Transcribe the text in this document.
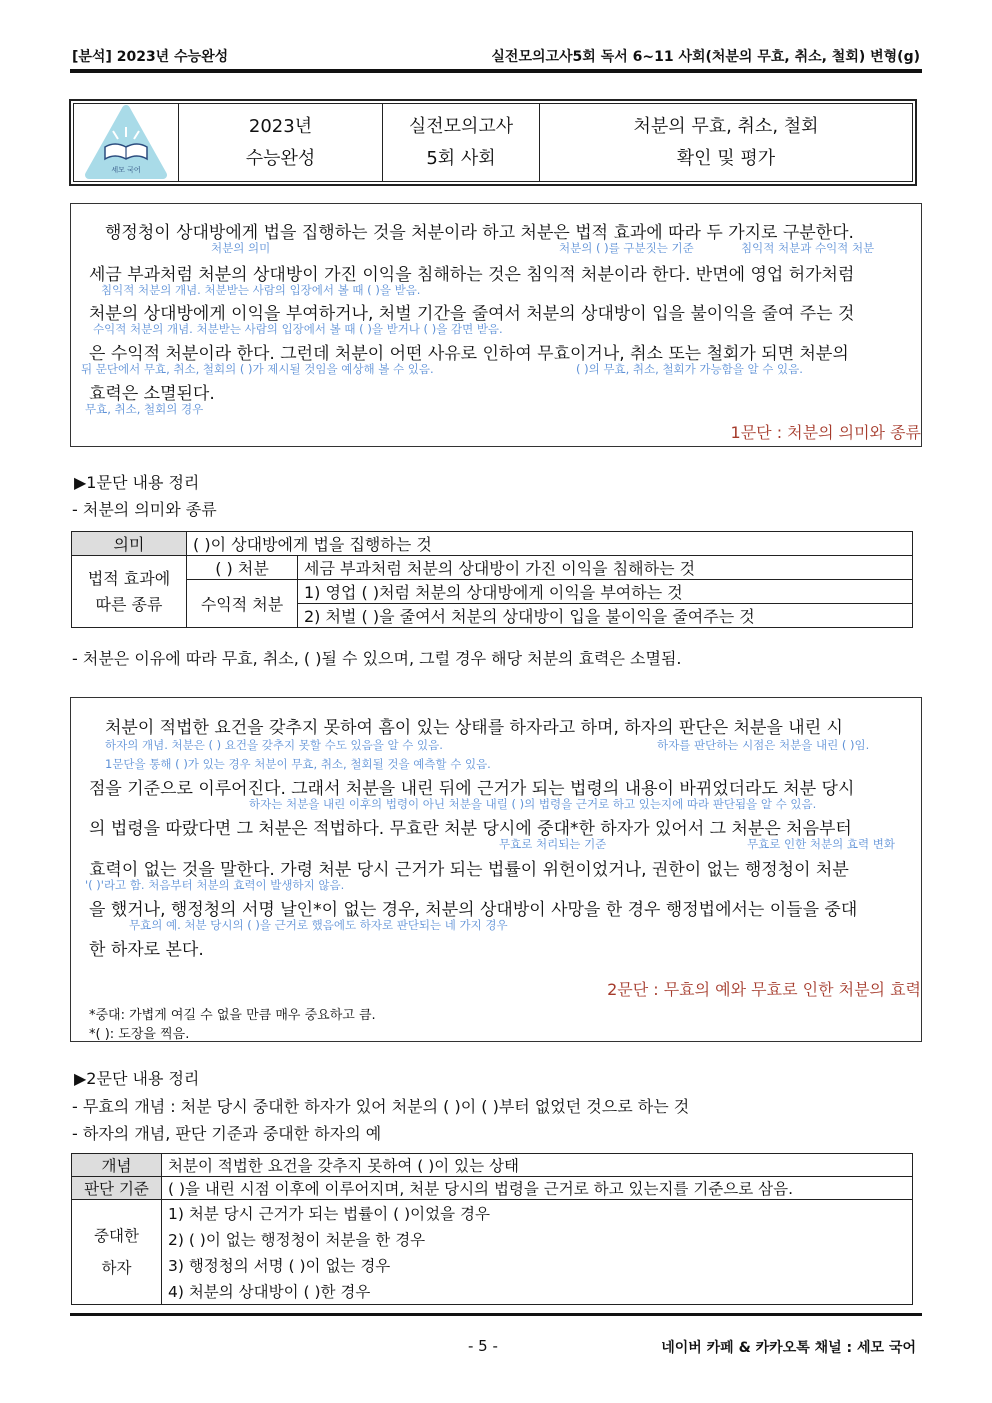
[분석] 2023년 수능완성	실전모의고사5회 독서 6~11 사회(처분의 무효, 취소, 철회) 변형(g)
세모 국어
2023년
수능완성
실전모의고사
5회 사회
처분의 무효, 취소, 철회
확인 및 평가
행정청이 상대방에게 법을 집행하는 것을 처분이라 하고 처분은 법적 효과에 따라 두 가지로 구분한다.
처분의 의미	처분의 ( )를 구분짓는 기준	침익적 처분과 수익적 처분
세금 부과처럼 처분의 상대방이 가진 이익을 침해하는 것은 침익적 처분이라 한다. 반면에 영업 허가처럼
침익적 처분의 개념. 처분받는 사람의 입장에서 볼 때 ( )을 받음.
처분의 상대방에게 이익을 부여하거나, 처벌 기간을 줄여서 처분의 상대방이 입을 불이익을 줄여 주는 것
수익적 처분의 개념. 처분받는 사람의 입장에서 볼 때 ( )을 받거나 ( )을 감면 받음.
은 수익적 처분이라 한다. 그런데 처분이 어떤 사유로 인하여 무효이거나, 취소 또는 철회가 되면 처분의
뒤 문단에서 무효, 취소, 철회의 ( )가 제시될 것임을 예상해 볼 수 있음.	( )의 무효, 취소, 철회가 가능함을 알 수 있음.
효력은 소멸된다.
무효, 취소, 철회의 경우
1문단 : 처분의 의미와 종류
▶1문단 내용 정리
- 처분의 의미와 종류
의미	( )이 상대방에게 법을 집행하는 것	

법적 효과에
따른 종류	( ) 처분	세금 부과처럼 처분의 상대방이 가진 이익을 침해하는 것
	수익적 처분	1) 영업 ( )처럼 처분의 상대방에게 이익을 부여하는 것
		2) 처벌 ( )을 줄여서 처분의 상대방이 입을 불이익을 줄여주는 것
- 처분은 이유에 따라 무효, 취소, ( )될 수 있으며, 그럴 경우 해당 처분의 효력은 소멸됨.
처분이 적법한 요건을 갖추지 못하여 흠이 있는 상태를 하자라고 하며, 하자의 판단은 처분을 내린 시
하자의 개념. 처분은 ( ) 요건을 갖추지 못할 수도 있음을 알 수 있음.	하자를 판단하는 시점은 처분을 내린 ( )임.
1문단을 통해 ( )가 있는 경우 처분이 무효, 취소, 철회될 것을 예측할 수 있음.
점을 기준으로 이루어진다. 그래서 처분을 내린 뒤에 근거가 되는 법령의 내용이 바뀌었더라도 처분 당시
하자는 처분을 내린 이후의 법령이 아닌 처분을 내릴 ( )의 법령을 근거로 하고 있는지에 따라 판단됨을 알 수 있음.
의 법령을 따랐다면 그 처분은 적법하다. 무효란 처분 당시에 중대*한 하자가 있어서 그 처분은 처음부터
무효로 처리되는 기준	무효로 인한 처분의 효력 변화
효력이 없는 것을 말한다. 가령 처분 당시 근거가 되는 법률이 위헌이었거나, 권한이 없는 행정청이 처분
'( )'라고 함. 처음부터 처분의 효력이 발생하지 않음.
을 했거나, 행정청의 서명 날인*이 없는 경우, 처분의 상대방이 사망을 한 경우 행정법에서는 이들을 중대
무효의 예. 처분 당시의 ( )을 근거로 했음에도 하자로 판단되는 네 가지 경우
한 하자로 본다.
2문단 : 무효의 예와 무효로 인한 처분의 효력
*중대: 가볍게 여길 수 없을 만큼 매우 중요하고 큼.
*( ): 도장을 찍음.
▶2문단 내용 정리
- 무효의 개념 : 처분 당시 중대한 하자가 있어 처분의 ( )이 ( )부터 없었던 것으로 하는 것
- 하자의 개념, 판단 기준과 중대한 하자의 예
개념	처분이 적법한 요건을 갖추지 못하여 ( )이 있는 상태
판단 기준	( )을 내린 시점 이후에 이루어지며, 처분 당시의 법령을 근거로 하고 있는지를 기준으로 삼음.

중대한
하자	1) 처분 당시 근거가 되는 법률이 ( )이었을 경우
	2) ( )이 없는 행정청이 처분을 한 경우
	3) 행정청의 서명 ( )이 없는 경우
	4) 처분의 상대방이 ( )한 경우
- 5 -	네이버 카페 & 카카오톡 채널 : 세모 국어
